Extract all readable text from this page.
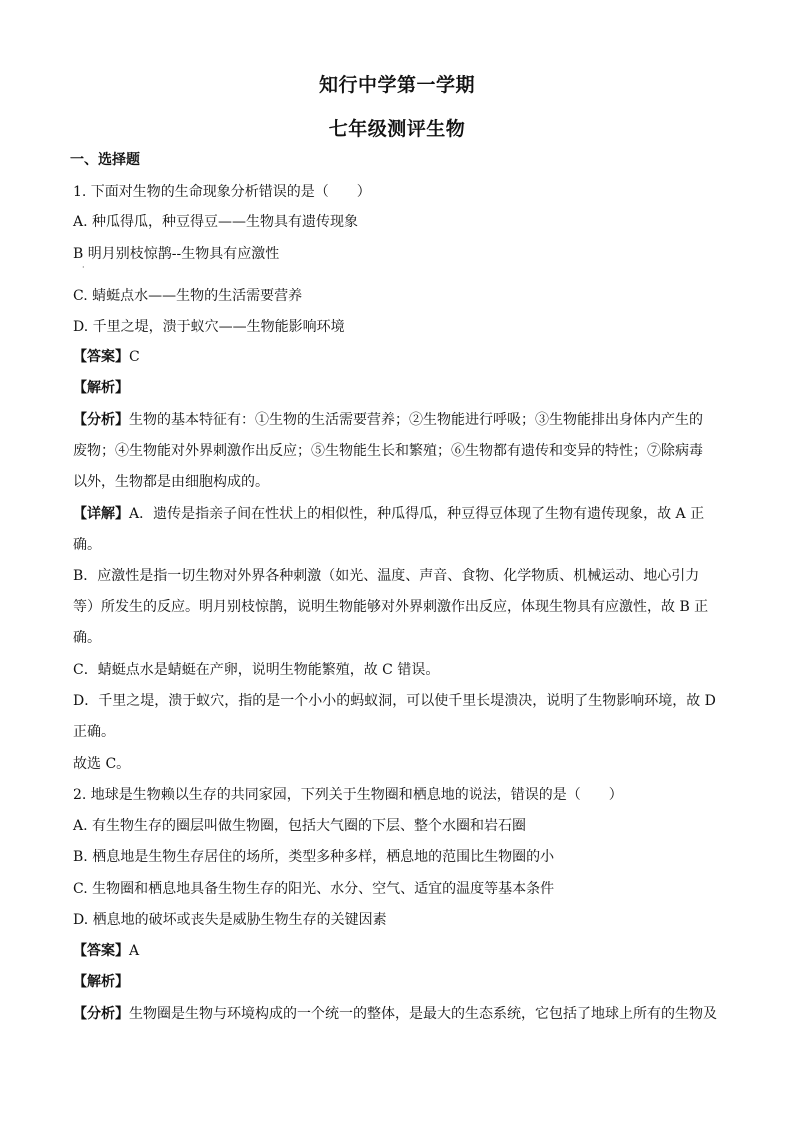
知行中学第一学期
七年级测评生物
一、选择题
1. 下面对生物的生命现象分析错误的是（　　）
A. 种瓜得瓜，种豆得豆——生物具有遗传现象
B 明月别枝惊鹊--生物具有应激性
·
C. 蜻蜓点水——生物的生活需要营养
D. 千里之堤，溃于蚁穴——生物能影响环境
【答案】C
【解析】
【分析】生物的基本特征有：①生物的生活需要营养；②生物能进行呼吸；③生物能排出身体内产生的
废物；④生物能对外界刺激作出反应；⑤生物能生长和繁殖；⑥生物都有遗传和变异的特性；⑦除病毒
以外，生物都是由细胞构成的。
【详解】A．遗传是指亲子间在性状上的相似性，种瓜得瓜，种豆得豆体现了生物有遗传现象，故 A 正
确。
B．应激性是指一切生物对外界各种刺激（如光、温度、声音、食物、化学物质、机械运动、地心引力
等）所发生的反应。明月别枝惊鹊，说明生物能够对外界刺激作出反应，体现生物具有应激性，故 B 正
确。
C．蜻蜓点水是蜻蜓在产卵，说明生物能繁殖，故 C 错误。
D．千里之堤，溃于蚁穴，指的是一个小小的蚂蚁洞，可以使千里长堤溃决，说明了生物影响环境，故 D
正确。
故选 C。
2. 地球是生物赖以生存的共同家园，下列关于生物圈和栖息地的说法，错误的是（　　）
A. 有生物生存的圈层叫做生物圈，包括大气圈的下层、整个水圈和岩石圈
B. 栖息地是生物生存居住的场所，类型多种多样，栖息地的范围比生物圈的小
C. 生物圈和栖息地具备生物生存的阳光、水分、空气、适宜的温度等基本条件
D. 栖息地的破坏或丧失是威胁生物生存的关键因素
【答案】A
【解析】
【分析】生物圈是生物与环境构成的一个统一的整体，是最大的生态系统，它包括了地球上所有的生物及
